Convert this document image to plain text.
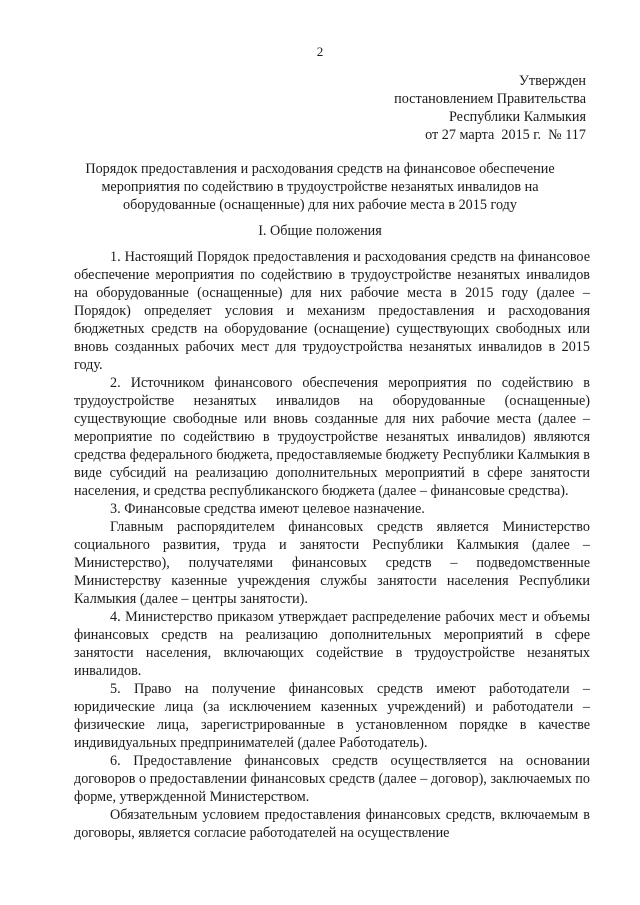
2
Утвержден
постановлением Правительства
Республики Калмыкия
от 27 марта  2015 г.  № 117
Порядок предоставления и расходования средств на финансовое обеспечение
мероприятия по содействию в трудоустройстве незанятых инвалидов на
оборудованные (оснащенные) для них рабочие места в 2015 году
I. Общие положения

1. Настоящий Порядок предоставления и расходования средств на финансовое обеспечение мероприятия по содействию в трудоустройстве незанятых инвалидов на оборудованные (оснащенные) для них рабочие места в 2015 году (далее – Порядок) определяет условия и механизм предоставления и расходования бюджетных средств на оборудование (оснащение) существующих свободных или вновь созданных рабочих мест для трудоустройства незанятых инвалидов в 2015 году.

2. Источником финансового обеспечения мероприятия по содействию в трудоустройстве незанятых инвалидов на оборудованные (оснащенные) существующие свободные или вновь созданные для них рабочие места (далее – мероприятие по содействию в трудоустройстве незанятых инвалидов) являются средства федерального бюджета, предоставляемые бюджету Республики Калмыкия в виде субсидий на реализацию дополнительных мероприятий в сфере занятости населения, и средства республиканского бюджета (далее – финансовые средства).

3. Финансовые средства имеют целевое назначение.

Главным распорядителем финансовых средств является Министерство социального развития, труда и занятости Республики Калмыкия (далее – Министерство), получателями финансовых средств – подведомственные Министерству казенные учреждения службы занятости населения Республики Калмыкия (далее – центры занятости).

4. Министерство приказом утверждает распределение рабочих мест и объемы финансовых средств на реализацию дополнительных мероприятий в сфере занятости населения, включающих содействие в трудоустройстве незанятых инвалидов.

5. Право на получение финансовых средств имеют работодатели – юридические лица (за исключением казенных учреждений) и работодатели – физические лица, зарегистрированные в установленном порядке в качестве индивидуальных предпринимателей (далее Работодатель).

6. Предоставление финансовых средств осуществляется на основании договоров о предоставлении финансовых средств (далее – договор), заключаемых по форме, утвержденной Министерством.

Обязательным условием предоставления финансовых средств, включаемым в договоры, является согласие работодателей на осуществление
